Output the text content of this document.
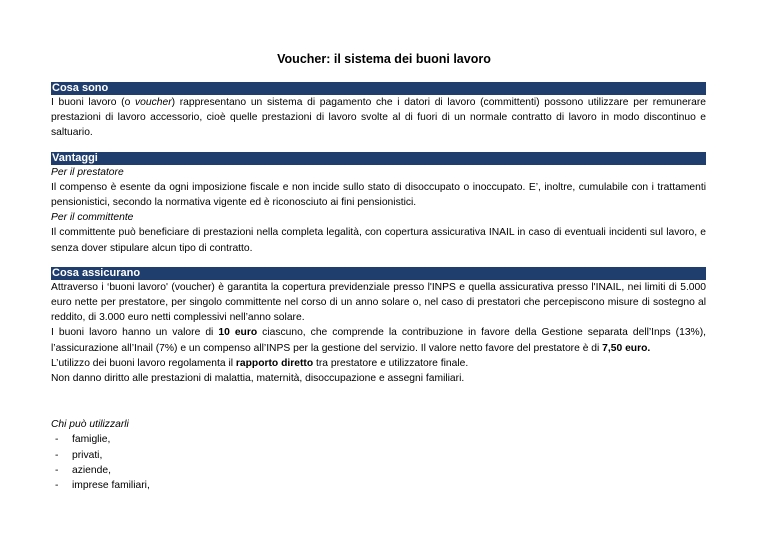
Voucher: il sistema dei buoni lavoro
Cosa sono
I buoni lavoro (o voucher) rappresentano un sistema di pagamento che i datori di lavoro (committenti) possono utilizzare per remunerare prestazioni di lavoro accessorio, cioè quelle prestazioni di lavoro svolte al di fuori di un normale contratto di lavoro in modo discontinuo e saltuario.
Vantaggi
Per il prestatore
Il compenso è esente da ogni imposizione fiscale e non incide sullo stato di disoccupato o inoccupato. E’, inoltre, cumulabile con i trattamenti pensionistici, secondo la normativa vigente ed è riconosciuto ai fini pensionistici.
Per il committente
Il committente può beneficiare di prestazioni nella completa legalità, con copertura assicurativa INAIL in caso di eventuali incidenti sul lavoro, e senza dover stipulare alcun tipo di contratto.
Cosa assicurano
Attraverso i ‘buoni lavoro' (voucher) è garantita la copertura previdenziale presso l'INPS e quella assicurativa presso l'INAIL, nei limiti di 5.000 euro nette per prestatore, per singolo committente nel corso di un anno solare o, nel caso di prestatori che percepiscono misure di sostegno al reddito, di 3.000 euro netti complessivi nell’anno solare.
I buoni lavoro hanno un valore di 10 euro ciascuno, che comprende la contribuzione in favore della Gestione separata dell’Inps (13%), l’assicurazione all’Inail (7%) e un compenso all’INPS per la gestione del servizio. Il valore netto favore del prestatore è di 7,50 euro.
L’utilizzo dei buoni lavoro regolamenta il rapporto diretto tra prestatore e utilizzatore finale.
Non danno diritto alle prestazioni di malattia, maternità, disoccupazione e assegni familiari.
Chi può utilizzarli
- famiglie,
- privati,
- aziende,
- imprese familiari,
